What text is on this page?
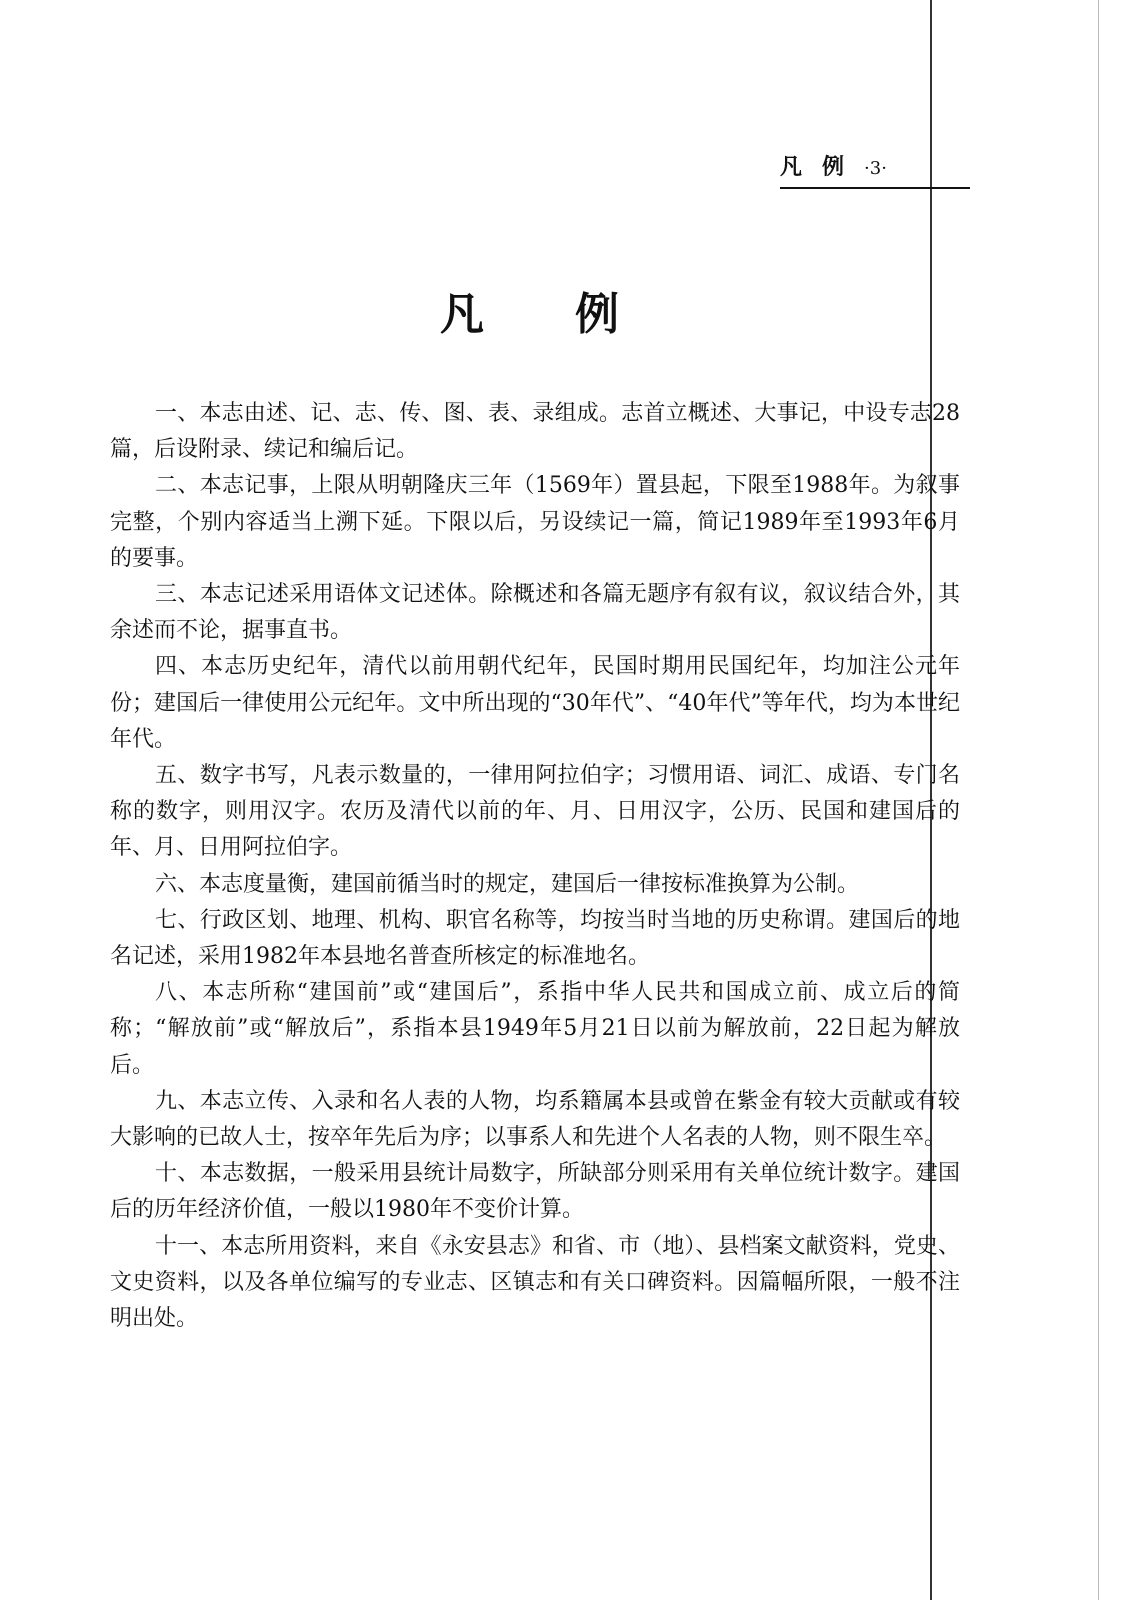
凡例·3·
凡 例

一、本志由述、记、志、传、图、表、录组成。志首立概述、大事记，中设专志28篇，后设附录、续记和编后记。

二、本志记事，上限从明朝隆庆三年（1569年）置县起，下限至1988年。为叙事完整，个别内容适当上溯下延。下限以后，另设续记一篇，简记1989年至1993年6月的要事。

三、本志记述采用语体文记述体。除概述和各篇无题序有叙有议，叙议结合外，其余述而不论，据事直书。

四、本志历史纪年，清代以前用朝代纪年，民国时期用民国纪年，均加注公元年份；建国后一律使用公元纪年。文中所出现的“30年代”、“40年代”等年代，均为本世纪年代。

五、数字书写，凡表示数量的，一律用阿拉伯字；习惯用语、词汇、成语、专门名称的数字，则用汉字。农历及清代以前的年、月、日用汉字，公历、民国和建国后的年、月、日用阿拉伯字。

六、本志度量衡，建国前循当时的规定，建国后一律按标准换算为公制。

七、行政区划、地理、机构、职官名称等，均按当时当地的历史称谓。建国后的地名记述，采用1982年本县地名普查所核定的标准地名。

八、本志所称“建国前”或“建国后”，系指中华人民共和国成立前、成立后的简称；“解放前”或“解放后”，系指本县1949年5月21日以前为解放前，22日起为解放后。

九、本志立传、入录和名人表的人物，均系籍属本县或曾在紫金有较大贡献或有较大影响的已故人士，按卒年先后为序；以事系人和先进个人名表的人物，则不限生卒。

十、本志数据，一般采用县统计局数字，所缺部分则采用有关单位统计数字。建国后的历年经济价值，一般以1980年不变价计算。

十一、本志所用资料，来自《永安县志》和省、市（地）、县档案文献资料，党史、文史资料，以及各单位编写的专业志、区镇志和有关口碑资料。因篇幅所限，一般不注明出处。
